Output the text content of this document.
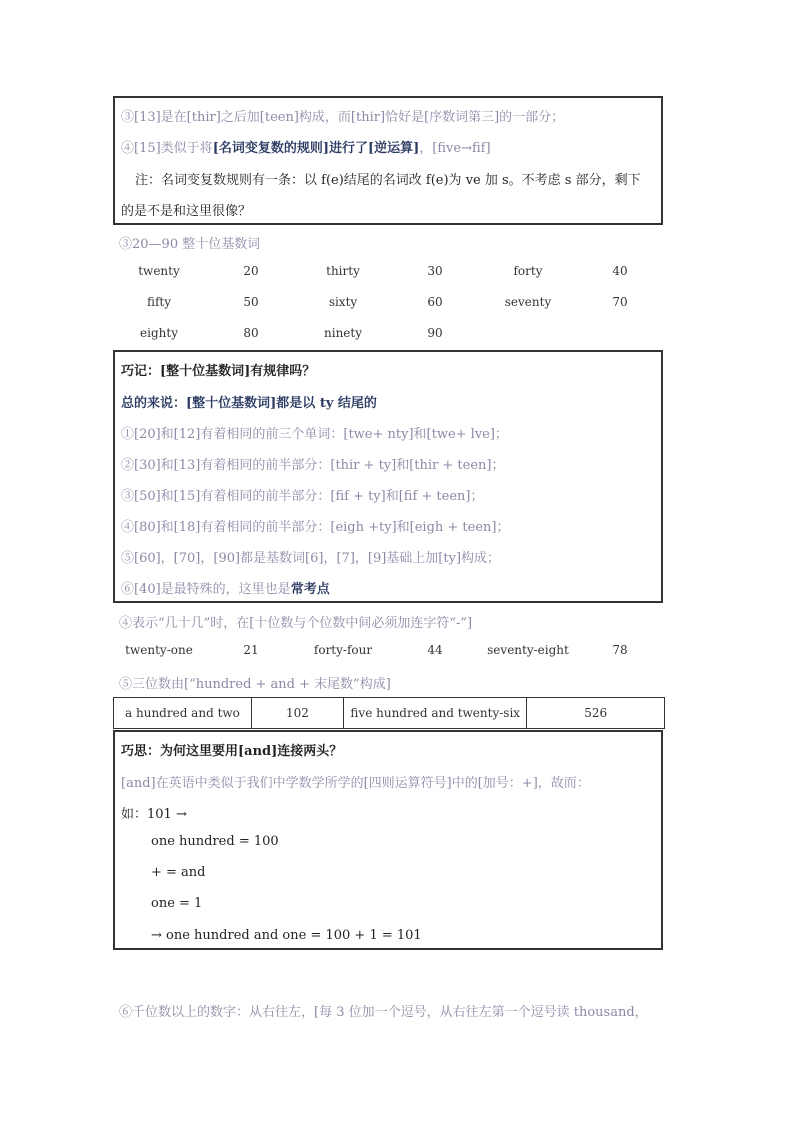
③[13]是在[thir]之后加[teen]构成，而[thir]恰好是[序数词第三]的一部分；
④[15]类似于将[名词变复数的规则]进行了[逆运算]，[five→fif]
注：名词变复数规则有一条：以 f(e)结尾的名词改 f(e)为 ve 加 s。不考虑 s 部分，剩下
的是不是和这里很像？
③20—90 整十位基数词
twenty	20	thirty	30	forty	40
fifty	50	sixty	60	seventy	70
eighty	80	ninety	90
巧记：[整十位基数词]有规律吗？
总的来说：[整十位基数词]都是以 ty 结尾的
①[20]和[12]有着相同的前三个单词：[twe+ nty]和[twe+ lve]；
②[30]和[13]有着相同的前半部分：[thir + ty]和[thir + teen]；
③[50]和[15]有着相同的前半部分：[fif + ty]和[fif + teen]；
④[80]和[18]有着相同的前半部分：[eigh +ty]和[eigh + teen]；
⑤[60]，[70]，[90]都是基数词[6]，[7]，[9]基础上加[ty]构成；
⑥[40]是最特殊的，这里也是常考点
④表示“几十几”时，在[十位数与个位数中间必须加连字符“-”]
twenty-one	21	forty-four	44	seventy-eight	78
⑤三位数由[“hundred + and + 末尾数”构成]
a hundred and two	102	five hundred and twenty-six	526
巧思：为何这里要用[and]连接两头？
[and]在英语中类似于我们中学数学所学的[四则运算符号]中的[加号：+]，故而：
如：101 →
one hundred = 100
+ = and
one = 1
→ one hundred and one = 100 + 1 = 101
⑥千位数以上的数字：从右往左，[每 3 位加一个逗号，从右往左第一个逗号读 thousand，
